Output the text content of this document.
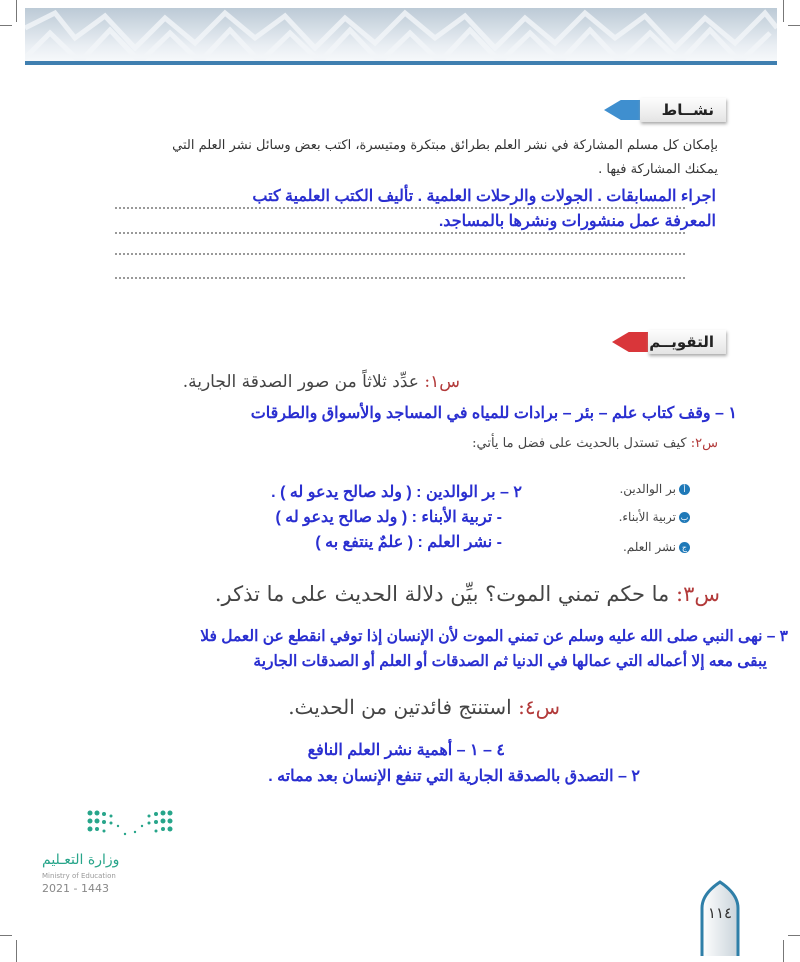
نشــاط
بإمكان كل مسلم المشاركة في نشر العلم بطرائق مبتكرة ومتيسرة، اكتب بعض وسائل نشر العلم التي
يمكنك المشاركة فيها .
اجراء المسابقات . الجولات والرحلات العلمية . تأليف الكتب العلمية كتب
المعرفة عمل منشورات ونشرها بالمساجد.
التقويــم
س١: عدِّد ثلاثاً من صور الصدقة الجارية.
١ – وقف كتاب علم – بئر – برادات للمياه في المساجد والأسواق والطرقات
س٢: كيف تستدل بالحديث على فضل ما يأتي:
أبر الوالدين.
٢ – بر الوالدين : ( ولد صالح يدعو له ) .
بتربية الأبناء.
- تربية الأبناء : ( ولد صالح يدعو له )
جنشر العلم.
- نشر العلم : ( علمٌ ينتفع به )
س٣: ما حكم تمني الموت؟ بيِّن دلالة الحديث على ما تذكر.
٣ – نهى النبي صلى الله عليه وسلم عن تمني الموت لأن الإنسان إذا توفي انقطع عن العمل فلا
يبقى معه إلا أعماله التي عمالها في الدنيا ثم الصدقات أو العلم أو الصدقات الجارية
س٤: استنتج فائدتين من الحديث.
٤ – ١ – أهمية نشر العلم النافع
٢ – التصدق بالصدقة الجارية التي تنفع الإنسان بعد مماته .
وزارة التعـليم
Ministry of Education
2021 - 1443
١١٤
